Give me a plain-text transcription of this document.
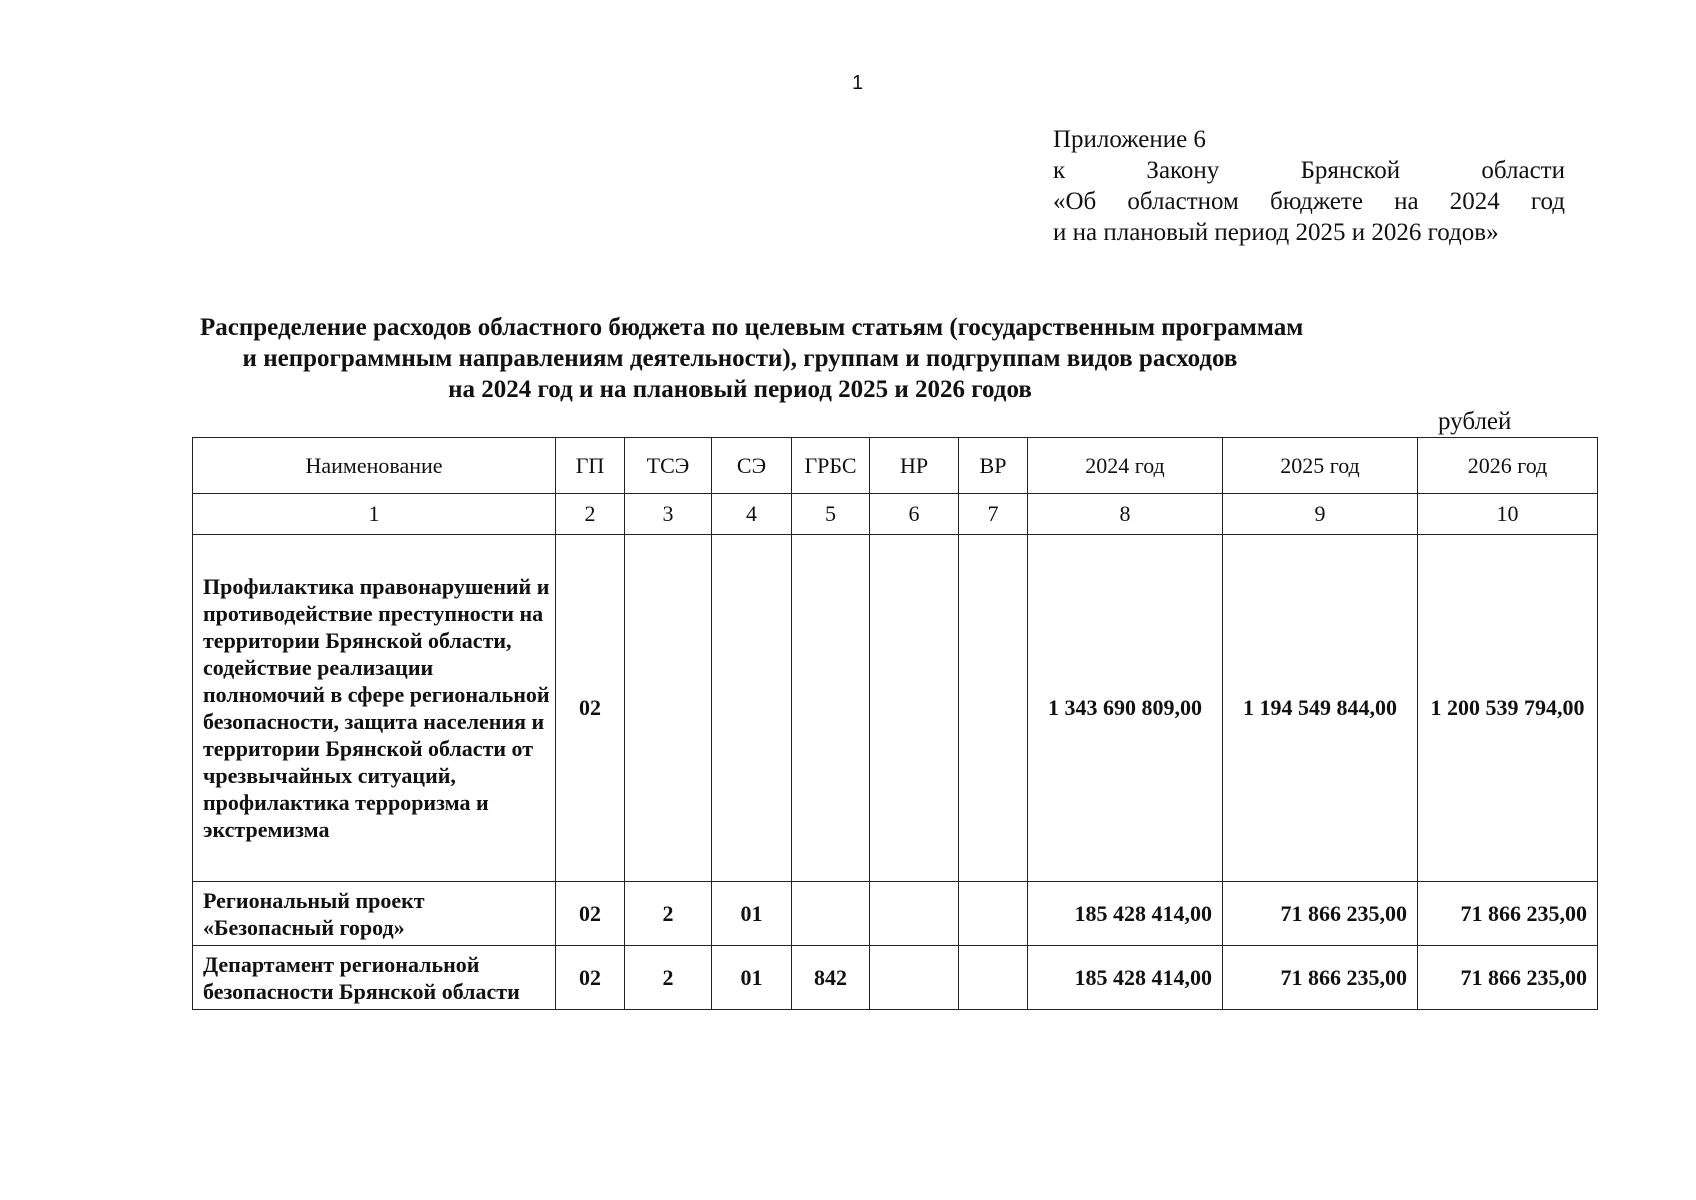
1
Приложение 6
к Закону Брянской области
«Об областном бюджете на 2024 год
и на плановый период 2025 и 2026 годов»
Распределение расходов областного бюджета по целевым статьям (государственным программам
и непрограммным направлениям деятельности), группам и подгруппам видов расходов
на 2024 год и на плановый период 2025 и 2026 годов
рублей
Наименование	ГП	ТСЭ	СЭ	ГРБС	НР	ВР	2024 год	2025 год	2026 год
1	2	3	4	5	6	7	8	9	10
Профилактика правонарушений и противодействие преступности на территории Брянской области, содействие реализации полномочий в сфере региональной безопасности, защита населения и территории Брянской области от чрезвычайных ситуаций, профилактика терроризма и экстремизма	02						1 343 690 809,00	1 194 549 844,00	1 200 539 794,00
Региональный проект «Безопасный город»	02	2	01				185 428 414,00	71 866 235,00	71 866 235,00
Департамент региональной безопасности Брянской области	02	2	01	842			185 428 414,00	71 866 235,00	71 866 235,00
